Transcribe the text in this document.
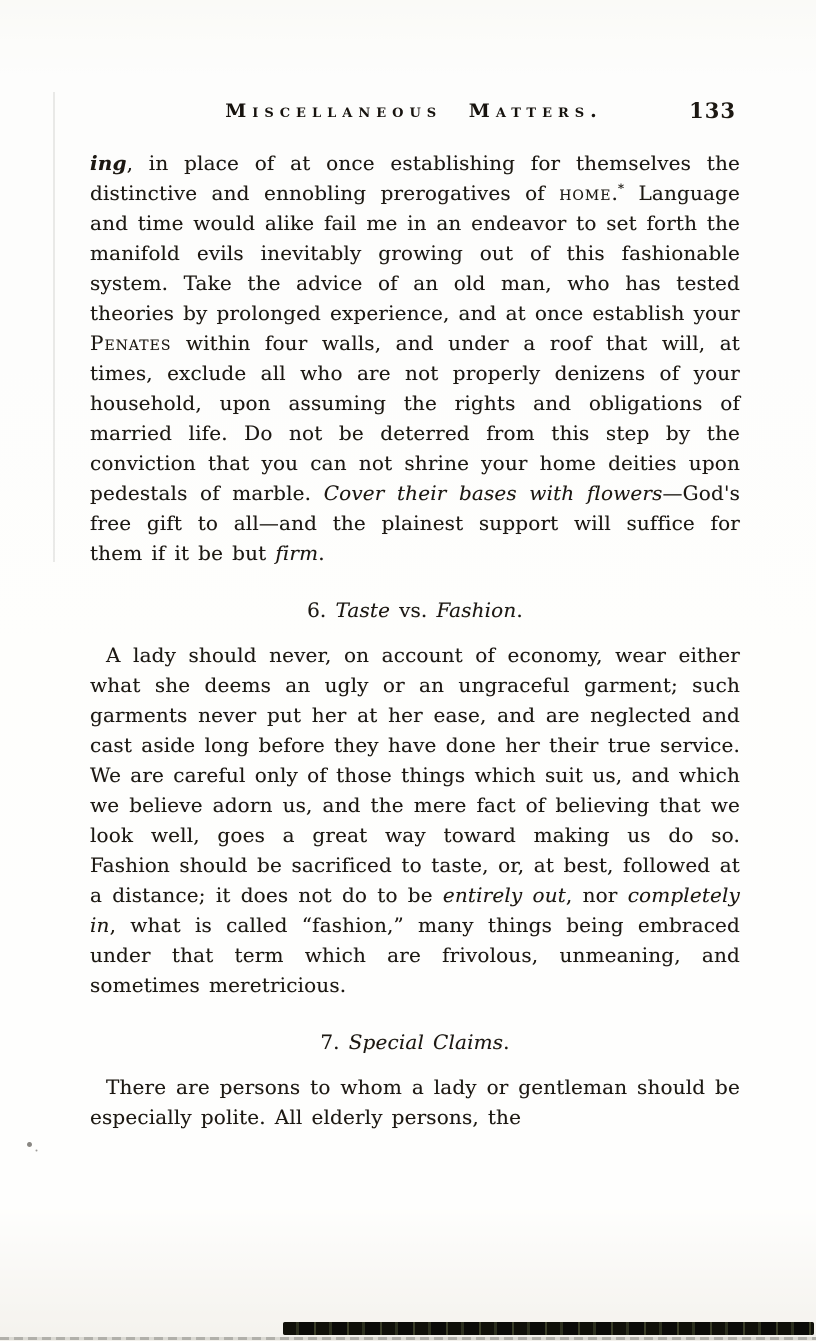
Miscellaneous Matters.	133

ing, in place of at once establishing for themselves the distinctive and ennobling prerogatives of home.* Language and time would alike fail me in an endeavor to set forth the manifold evils inevitably growing out of this fashionable system. Take the advice of an old man, who has tested theories by prolonged experience, and at once establish your Penates within four walls, and under a roof that will, at times, exclude all who are not properly denizens of your household, upon assuming the rights and obligations of married life. Do not be deterred from this step by the conviction that you can not shrine your home deities upon pedestals of marble. Cover their bases with flowers—God's free gift to all—and the plainest support will suffice for them if it be but firm.

6. Taste vs. Fashion.

A lady should never, on account of economy, wear either what she deems an ugly or an ungraceful garment; such garments never put her at her ease, and are neglected and cast aside long before they have done her their true service. We are careful only of those things which suit us, and which we believe adorn us, and the mere fact of believing that we look well, goes a great way toward making us do so. Fashion should be sacrificed to taste, or, at best, followed at a distance; it does not do to be entirely out, nor completely in, what is called “fashion,” many things being embraced under that term which are frivolous, unmeaning, and sometimes meretricious.

7. Special Claims.

There are persons to whom a lady or gentleman should be especially polite. All elderly persons, the
